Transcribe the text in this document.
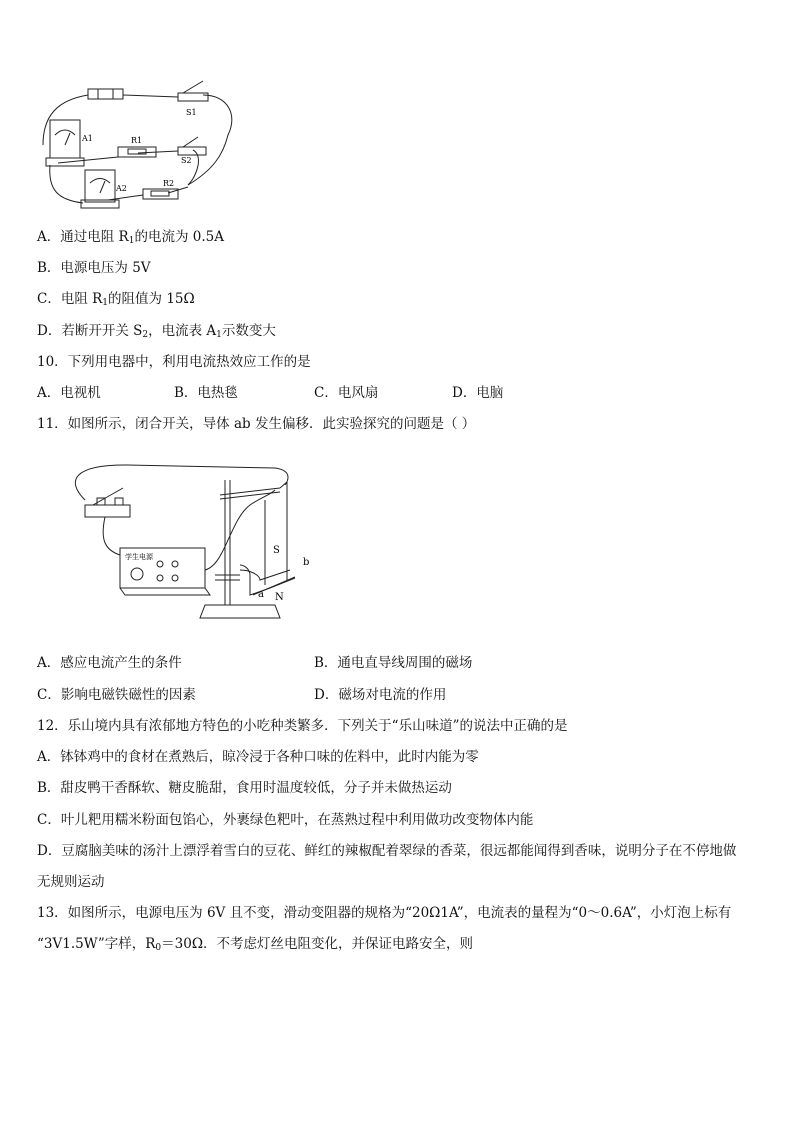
S1
A1	R1
S2
A2
R2
A．通过电阻 $R_1$的电流为 0.5A
B．电源电压为 5V
C．电阻 $R_1$的阻值为 15Ω
D．若断开开关 $S_2$，电流表 $A_1$示数变大
10．下列用电器中，利用电流热效应工作的是
A．电视机	B．电热毯	C．电风扇	D．电脑
11．如图所示，闭合开关，导体 ab 发生偏移．此实验探究的问题是（ ）
学生电源
S
b
a N
A．感应电流产生的条件	B．通电直导线周围的磁场
C．影响电磁铁磁性的因素	D．磁场对电流的作用
12．乐山境内具有浓郁地方特色的小吃种类繁多．下列关于“乐山味道”的说法中正确的是
A．钵钵鸡中的食材在煮熟后，晾冷浸于各种口味的佐料中，此时内能为零
B．甜皮鸭干香酥软、糖皮脆甜，食用时温度较低，分子并未做热运动
C．叶儿粑用糯米粉面包馅心，外裹绿色粑叶，在蒸熟过程中利用做功改变物体内能
D．豆腐脑美味的汤汁上漂浮着雪白的豆花、鲜红的辣椒配着翠绿的香菜，很远都能闻得到香味，说明分子在不停地做
无规则运动
13．如图所示，电源电压为 6V 且不变，滑动变阻器的规格为“20Ω1A”，电流表的量程为“0～0.6A”，小灯泡上标有
“3V1.5W”字样，$R_0=30\Omega$．不考虑灯丝电阻变化，并保证电路安全，则
